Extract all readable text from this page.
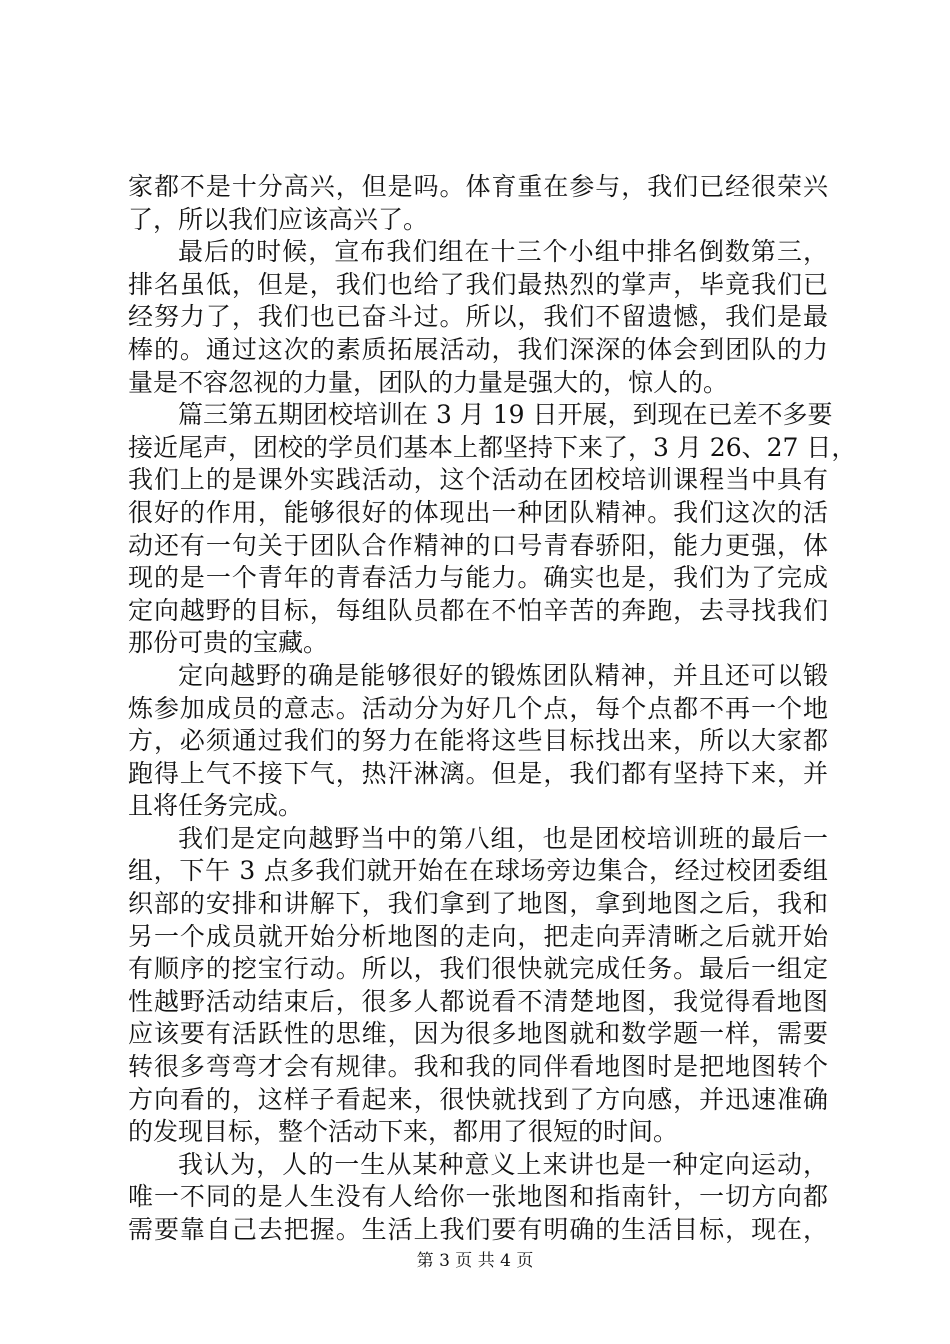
家都不是十分高兴，但是吗。体育重在参与，我们已经很荣兴
了，所以我们应该高兴了。
最后的时候，宣布我们组在十三个小组中排名倒数第三，
排名虽低，但是，我们也给了我们最热烈的掌声，毕竟我们已
经努力了，我们也已奋斗过。所以，我们不留遗憾，我们是最
棒的。通过这次的素质拓展活动，我们深深的体会到团队的力
量是不容忽视的力量，团队的力量是强大的，惊人的。
篇三第五期团校培训在 3 月 19 日开展，到现在已差不多要
接近尾声，团校的学员们基本上都坚持下来了，3 月 26、27 日，
我们上的是课外实践活动，这个活动在团校培训课程当中具有
很好的作用，能够很好的体现出一种团队精神。我们这次的活
动还有一句关于团队合作精神的口号青春骄阳，能力更强，体
现的是一个青年的青春活力与能力。确实也是，我们为了完成
定向越野的目标，每组队员都在不怕辛苦的奔跑，去寻找我们
那份可贵的宝藏。
定向越野的确是能够很好的锻炼团队精神，并且还可以锻
炼参加成员的意志。活动分为好几个点，每个点都不再一个地
方，必须通过我们的努力在能将这些目标找出来，所以大家都
跑得上气不接下气，热汗淋漓。但是，我们都有坚持下来，并
且将任务完成。
我们是定向越野当中的第八组，也是团校培训班的最后一
组，下午 3 点多我们就开始在在球场旁边集合，经过校团委组
织部的安排和讲解下，我们拿到了地图，拿到地图之后，我和
另一个成员就开始分析地图的走向，把走向弄清晰之后就开始
有顺序的挖宝行动。所以，我们很快就完成任务。最后一组定
性越野活动结束后，很多人都说看不清楚地图，我觉得看地图
应该要有活跃性的思维，因为很多地图就和数学题一样，需要
转很多弯弯才会有规律。我和我的同伴看地图时是把地图转个
方向看的，这样子看起来，很快就找到了方向感，并迅速准确
的发现目标，整个活动下来，都用了很短的时间。
我认为，人的一生从某种意义上来讲也是一种定向运动，
唯一不同的是人生没有人给你一张地图和指南针，一切方向都
需要靠自己去把握。生活上我们要有明确的生活目标，现在，
第 3 页 共 4 页
